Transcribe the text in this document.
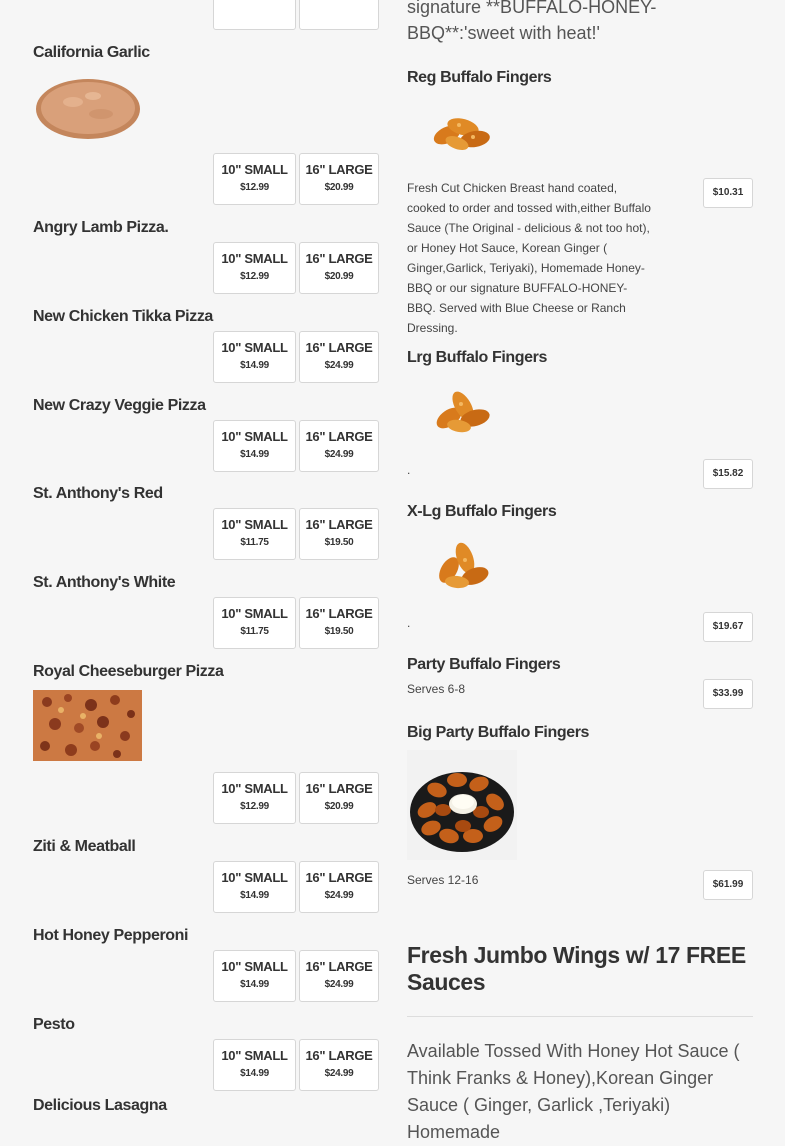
California Garlic
10" SMALL
$12.99
16" LARGE
$20.99
Angry Lamb Pizza.
10" SMALL
$12.99
16" LARGE
$20.99
New Chicken Tikka Pizza
10" SMALL
$14.99
16" LARGE
$24.99
New Crazy Veggie Pizza
10" SMALL
$14.99
16" LARGE
$24.99
St. Anthony's Red
10" SMALL
$11.75
16" LARGE
$19.50
St. Anthony's White
10" SMALL
$11.75
16" LARGE
$19.50
Royal Cheeseburger Pizza
10" SMALL
$12.99
16" LARGE
$20.99
Ziti & Meatball
10" SMALL
$14.99
16" LARGE
$24.99
Hot Honey Pepperoni
10" SMALL
$14.99
16" LARGE
$24.99
Pesto
10" SMALL
$14.99
16" LARGE
$24.99
Delicious Lasagna
signature **BUFFALO-HONEY-BBQ**:'sweet with heat!'
Reg Buffalo Fingers
Fresh Cut Chicken Breast hand coated, cooked to order and tossed with,either Buffalo Sauce (The Original - delicious & not too hot), or Honey Hot Sauce, Korean Ginger ( Ginger,Garlick, Teriyaki), Homemade Honey-BBQ or our signature BUFFALO-HONEY-BBQ. Served with Blue Cheese or Ranch Dressing.
$10.31
Lrg Buffalo Fingers
.	$15.82
X-Lg Buffalo Fingers
.	$19.67
Party Buffalo Fingers
Serves 6-8	$33.99
Big Party Buffalo Fingers
Serves 12-16	$61.99
Fresh Jumbo Wings w/ 17 FREE Sauces
Available Tossed With Honey Hot Sauce ( Think Franks & Honey),Korean Ginger Sauce ( Ginger, Garlick ,Teriyaki) Homemade
